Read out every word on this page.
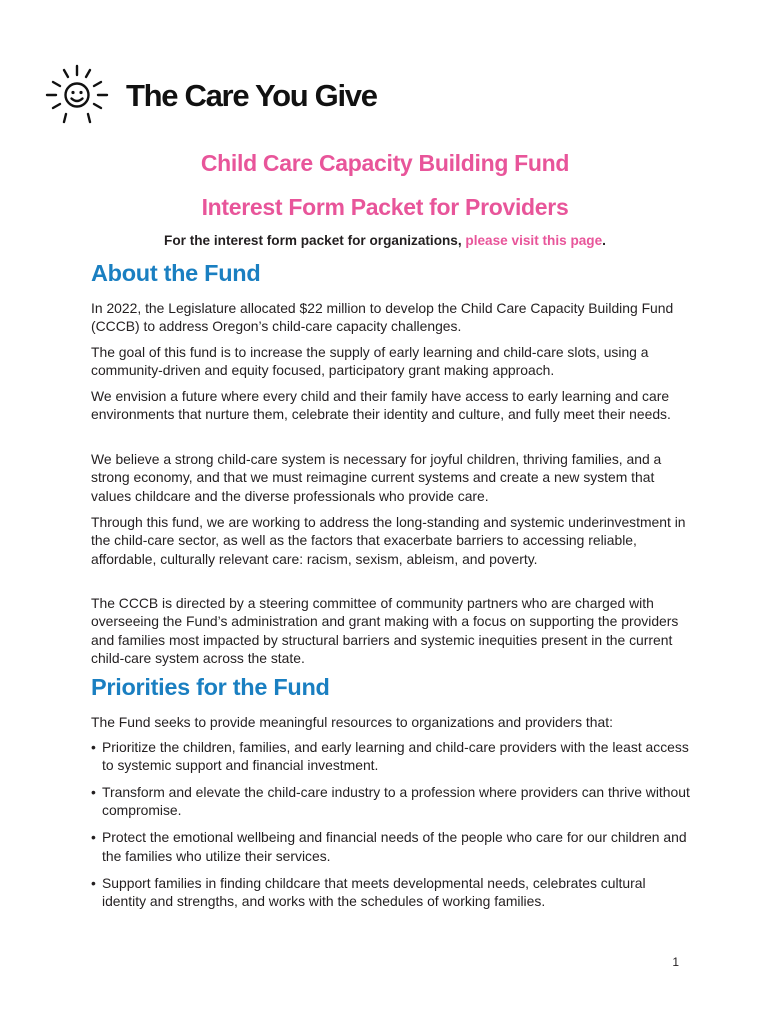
The Care You Give
Child Care Capacity Building Fund
Interest Form Packet for Providers

For the interest form packet for organizations, please visit this page.

About the Fund

In 2022, the Legislature allocated $22 million to develop the Child Care Capacity Building Fund (CCCB) to address Oregon’s child-care capacity challenges.

The goal of this fund is to increase the supply of early learning and child-care slots, using a community-driven and equity focused, participatory grant making approach.

We envision a future where every child and their family have access to early learning and care environments that nurture them, celebrate their identity and culture, and fully meet their needs.

We believe a strong child-care system is necessary for joyful children, thriving families, and a strong economy, and that we must reimagine current systems and create a new system that values childcare and the diverse professionals who provide care.

Through this fund, we are working to address the long-standing and systemic underinvestment in the child-care sector, as well as the factors that exacerbate barriers to accessing reliable, affordable, culturally relevant care: racism, sexism, ableism, and poverty.

The CCCB is directed by a steering committee of community partners who are charged with overseeing the Fund’s administration and grant making with a focus on supporting the providers and families most impacted by structural barriers and systemic inequities present in the current child-care system across the state.

Priorities for the Fund

The Fund seeks to provide meaningful resources to organizations and providers that:

• Prioritize the children, families, and early learning and child-care providers with the least access to systemic support and financial investment.
• Transform and elevate the child-care industry to a profession where providers can thrive without compromise.
• Protect the emotional wellbeing and financial needs of the people who care for our children and the families who utilize their services.
• Support families in finding childcare that meets developmental needs, celebrates cultural identity and strengths, and works with the schedules of working families.
1
